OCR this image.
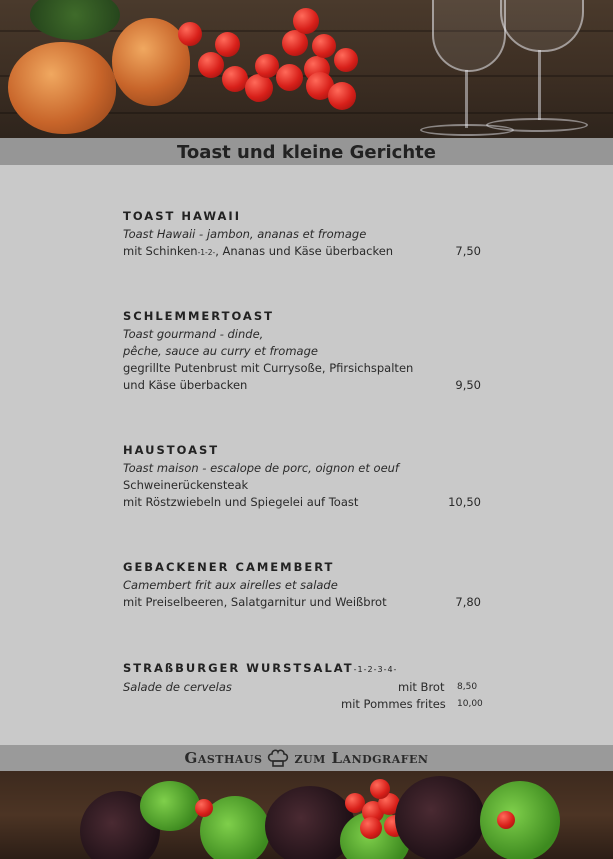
Toast und kleine Gerichte
TOAST HAWAII
Toast Hawaii - jambon, ananas et fromage
mit Schinken-1-2-, Ananas und Käse überbacken	7,50
SCHLEMMERTOAST
Toast gourmand - dinde,
pêche, sauce au curry et fromage
gegrillte Putenbrust mit Currysoße, Pfirsichspalten
und Käse überbacken	9,50
HAUSTOAST
Toast maison - escalope de porc, oignon et oeuf
Schweinerückensteak
mit Röstzwiebeln und Spiegelei auf Toast	10,50
GEBACKENER CAMEMBERT
Camembert frit aux airelles et salade
mit Preiselbeeren, Salatgarnitur und Weißbrot	7,80
STRAßBURGER WURSTSALAT-1-2-3-4-
Salade de cervelas	mit Brot 8,50
mit Pommes frites 10,00
Gasthaus zum Landgrafen
